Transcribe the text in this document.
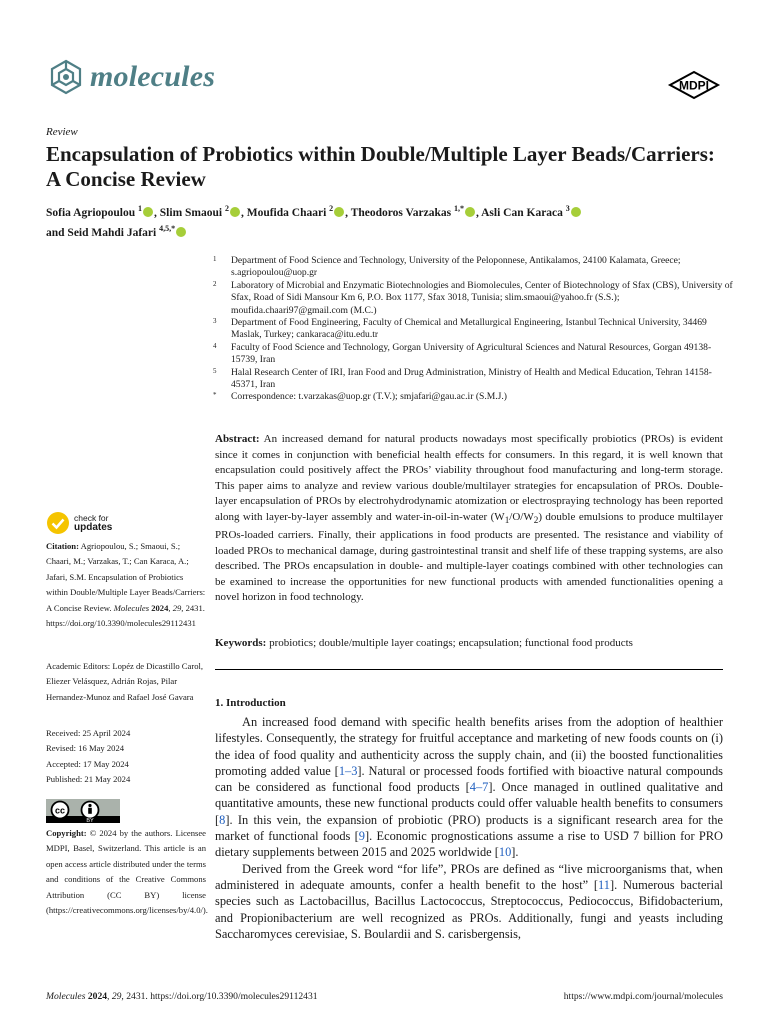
molecules	MDPI
Review
Encapsulation of Probiotics within Double/Multiple Layer Beads/Carriers: A Concise Review
Sofia Agriopoulou $^1$ , Slim Smaoui $^2$ , Moufida Chaari $^2$ , Theodoros Varzakas $^{1,*}$ , Asli Can Karaca $^3$
and Seid Mahdi Jafari $^{4,5,*}$
1 Department of Food Science and Technology, University of the Peloponnese, Antikalamos, 24100 Kalamata, Greece; s.agriopoulou@uop.gr
2 Laboratory of Microbial and Enzymatic Biotechnologies and Biomolecules, Center of Biotechnology of Sfax (CBS), University of Sfax, Road of Sidi Mansour Km 6, P.O. Box 1177, Sfax 3018, Tunisia; slim.smaoui@yahoo.fr (S.S.); moufida.chaari97@gmail.com (M.C.)
3 Department of Food Engineering, Faculty of Chemical and Metallurgical Engineering, Istanbul Technical University, 34469 Maslak, Turkey; cankaraca@itu.edu.tr
4 Faculty of Food Science and Technology, Gorgan University of Agricultural Sciences and Natural Resources, Gorgan 49138-15739, Iran
5 Halal Research Center of IRI, Iran Food and Drug Administration, Ministry of Health and Medical Education, Tehran 14158-45371, Iran
* Correspondence: t.varzakas@uop.gr (T.V.); smjafari@gau.ac.ir (S.M.J.)
Abstract: An increased demand for natural products nowadays most specifically probiotics (PROs) is evident since it comes in conjunction with beneficial health effects for consumers. In this regard, it is well known that encapsulation could positively affect the PROs’ viability throughout food manufacturing and long-term storage. This paper aims to analyze and review various double/multilayer strategies for encapsulation of PROs. Double-layer encapsulation of PROs by electrohydrodynamic atomization or electrospraying technology has been reported along with layer-by-layer assembly and water-in-oil-in-water $(W_1/O/W_2)$ double emulsions to produce multilayer PROs-loaded carriers. Finally, their applications in food products are presented. The resistance and viability of loaded PROs to mechanical damage, during gastrointestinal transit and shelf life of these trapping systems, are also described. The PROs encapsulation in double- and multiple-layer coatings combined with other technologies can be examined to increase the opportunities for new functional products with amended functionalities opening a novel horizon in food technology.
Keywords: probiotics; double/multiple layer coatings; encapsulation; functional food products
check for
updates
Citation: Agriopoulou, S.; Smaoui, S.; Chaari, M.; Varzakas, T.; Can Karaca, A.; Jafari, S.M. Encapsulation of Probiotics within Double/Multiple Layer Beads/Carriers: A Concise Review. Molecules 2024, 29, 2431. https://doi.org/10.3390/molecules29112431
Academic Editors: Lopéz de Dicastillo Carol, Eliezer Velásquez, Adrián Rojas, Pilar Hernandez-Munoz and Rafael José Gavara
Received: 25 April 2024
Revised: 16 May 2024
Accepted: 17 May 2024
Published: 21 May 2024
cc
BY
Copyright: © 2024 by the authors. Licensee MDPI, Basel, Switzerland. This article is an open access article distributed under the terms and conditions of the Creative Commons Attribution (CC BY) license (https://creativecommons.org/licenses/by/4.0/).
1. Introduction

An increased food demand with specific health benefits arises from the adoption of healthier lifestyles. Consequently, the strategy for fruitful acceptance and marketing of new foods counts on (i) the idea of food quality and authenticity across the supply chain, and (ii) the boosted functionalities promoting added value [1–3]. Natural or processed foods fortified with bioactive natural compounds can be considered as functional food products [4–7]. Once managed in outlined qualitative and quantitative amounts, these new functional products could offer valuable health benefits to consumers [8]. In this vein, the expansion of probiotic (PRO) products is a significant research area for the market of functional foods [9]. Economic prognostications assume a rise to USD 7 billion for PRO dietary supplements between 2015 and 2025 worldwide [10].

Derived from the Greek word “for life”, PROs are defined as “live microorganisms that, when administered in adequate amounts, confer a health benefit to the host” [11]. Numerous bacterial species such as Lactobacillus, Bacillus Lactococcus, Streptococcus, Pediococcus, Bifidobacterium, and Propionibacterium are well recognized as PROs. Additionally, fungi and yeasts including Saccharomyces cerevisiae, S. Boulardii and S. carisbergensis,

Molecules 2024, 29, 2431. https://doi.org/10.3390/molecules29112431	https://www.mdpi.com/journal/molecules
